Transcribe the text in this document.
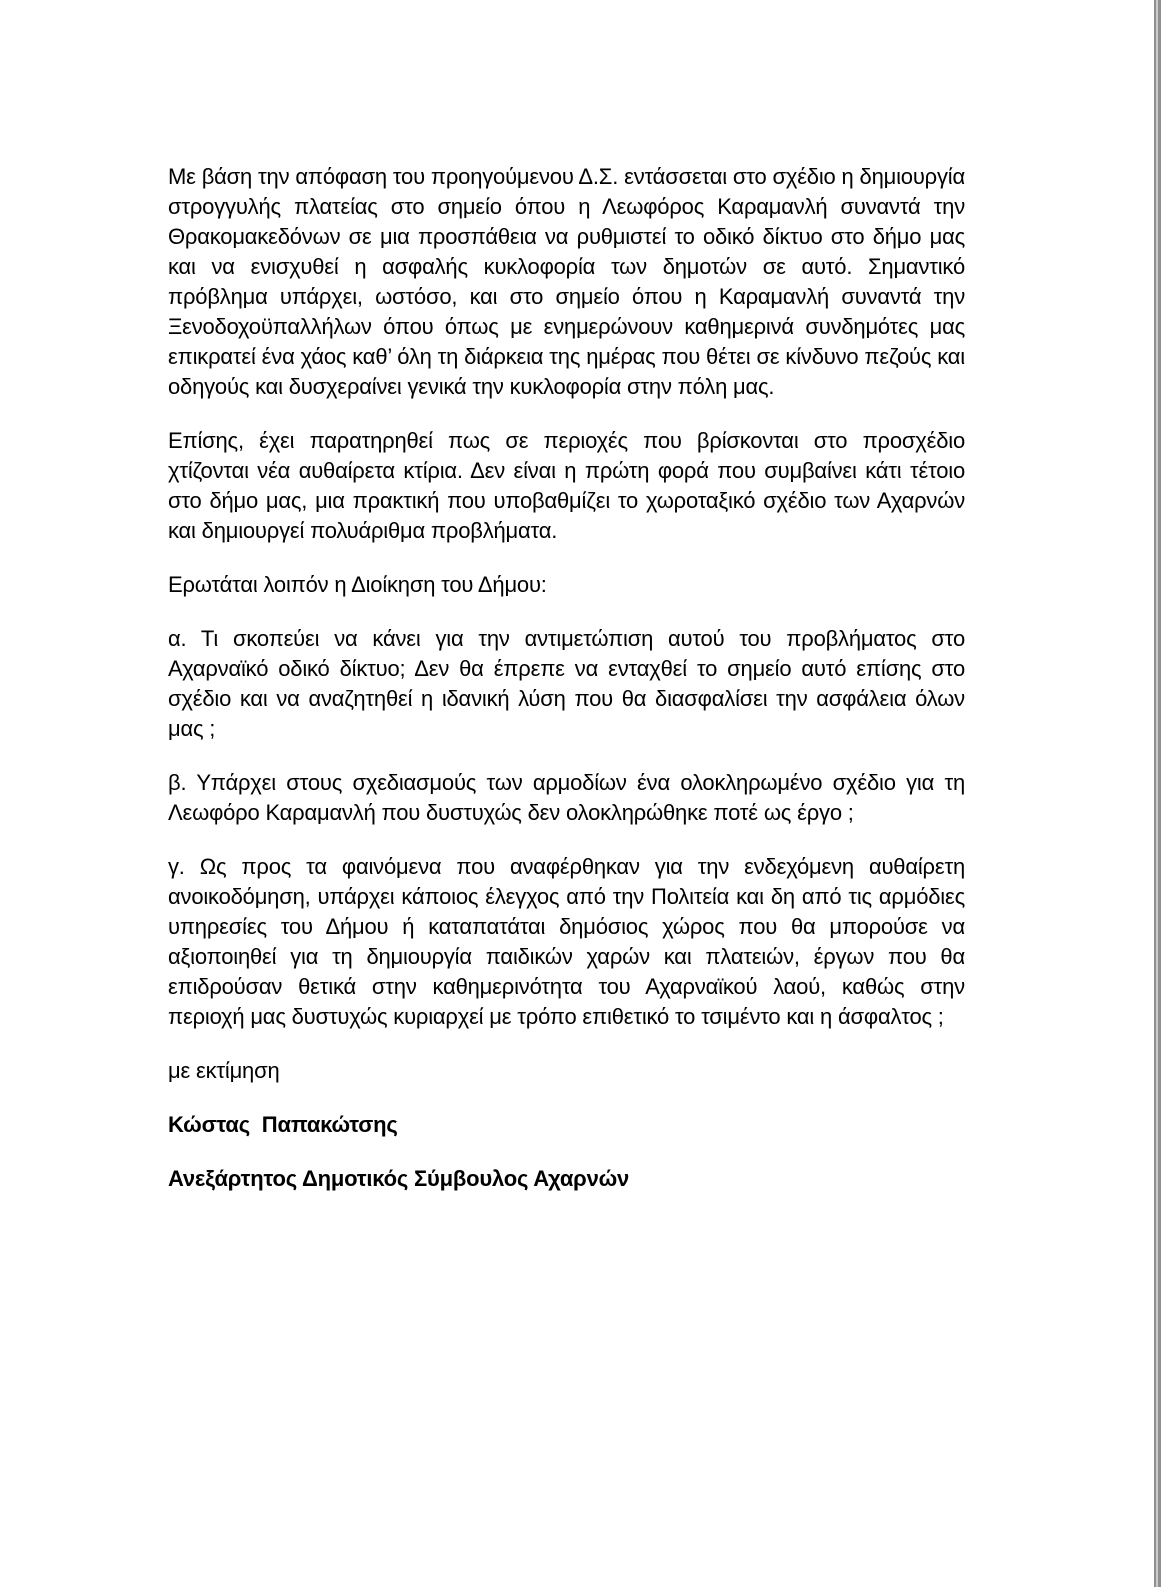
Με βάση την απόφαση του προηγούμενου Δ.Σ. εντάσσεται στο σχέδιο η δημιουργία στρογγυλής πλατείας στο σημείο όπου η Λεωφόρος Καραμανλή συναντά την Θρακομακεδόνων σε μια προσπάθεια να ρυθμιστεί το οδικό δίκτυο στο δήμο μας και να ενισχυθεί η ασφαλής κυκλοφορία των δημοτών σε αυτό. Σημαντικό πρόβλημα υπάρχει, ωστόσο, και στο σημείο όπου η Καραμανλή συναντά την Ξενοδοχοϋπαλλήλων όπου όπως με ενημερώνουν καθημερινά συνδημότες μας επικρατεί ένα χάος καθ’ όλη τη διάρκεια της ημέρας που θέτει σε κίνδυνο πεζούς και οδηγούς και δυσχεραίνει γενικά την κυκλοφορία στην πόλη μας.

Επίσης, έχει παρατηρηθεί πως σε περιοχές που βρίσκονται στο προσχέδιο χτίζονται νέα αυθαίρετα κτίρια. Δεν είναι η πρώτη φορά που συμβαίνει κάτι τέτοιο στο δήμο μας, μια πρακτική που υποβαθμίζει το χωροταξικό σχέδιο των Αχαρνών και δημιουργεί πολυάριθμα προβλήματα.

Ερωτάται λοιπόν η Διοίκηση του Δήμου:

α. Τι σκοπεύει να κάνει για την αντιμετώπιση αυτού του προβλήματος στο Αχαρναϊκό οδικό δίκτυο; Δεν θα έπρεπε να ενταχθεί το σημείο αυτό επίσης στο σχέδιο και να αναζητηθεί η ιδανική λύση που θα διασφαλίσει την ασφάλεια όλων μας ;

β. Υπάρχει στους σχεδιασμούς των αρμοδίων ένα ολοκληρωμένο σχέδιο για τη Λεωφόρο Καραμανλή που δυστυχώς δεν ολοκληρώθηκε ποτέ ως έργο ;

γ. Ως προς τα φαινόμενα που αναφέρθηκαν για την ενδεχόμενη αυθαίρετη ανοικοδόμηση, υπάρχει κάποιος έλεγχος από την Πολιτεία και δη από τις αρμόδιες υπηρεσίες του Δήμου ή καταπατάται δημόσιος χώρος που θα μπορούσε να αξιοποιηθεί για τη δημιουργία παιδικών χαρών και πλατειών, έργων που θα επιδρούσαν θετικά στην καθημερινότητα του Αχαρναϊκού λαού, καθώς στην περιοχή μας δυστυχώς κυριαρχεί με τρόπο επιθετικό το τσιμέντο και η άσφαλτος ;

με εκτίμηση

Κώστας  Παπακώτσης

Ανεξάρτητος Δημοτικός Σύμβουλος Αχαρνών
